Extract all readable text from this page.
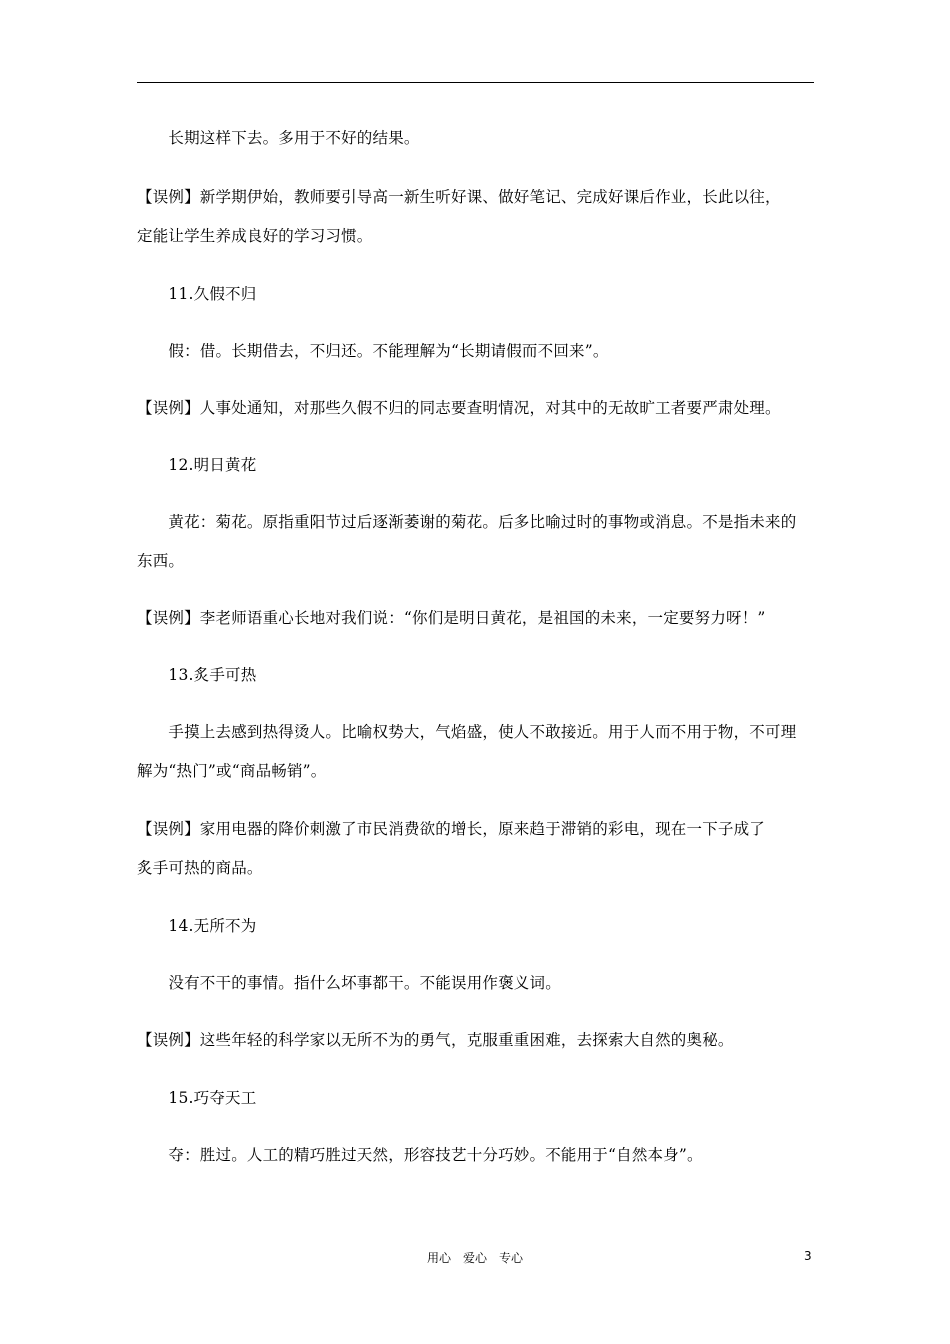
　　长期这样下去。多用于不好的结果。
【误例】新学期伊始，教师要引导高一新生听好课、做好笔记、完成好课后作业，长此以往，
定能让学生养成良好的学习习惯。
　　11.久假不归
　　假：借。长期借去，不归还。不能理解为“长期请假而不回来”。
【误例】人事处通知，对那些久假不归的同志要查明情况，对其中的无故旷工者要严肃处理。
　　12.明日黄花
　　黄花：菊花。原指重阳节过后逐渐萎谢的菊花。后多比喻过时的事物或消息。不是指未来的
东西。
【误例】李老师语重心长地对我们说：“你们是明日黄花，是祖国的未来，一定要努力呀！”
　　13.炙手可热
　　手摸上去感到热得烫人。比喻权势大，气焰盛，使人不敢接近。用于人而不用于物，不可理
解为“热门”或“商品畅销”。
【误例】家用电器的降价刺激了市民消费欲的增长，原来趋于滞销的彩电，现在一下子成了
炙手可热的商品。
　　14.无所不为
　　没有不干的事情。指什么坏事都干。不能误用作褒义词。
【误例】这些年轻的科学家以无所不为的勇气，克服重重困难，去探索大自然的奥秘。
　　15.巧夺天工
　　夺：胜过。人工的精巧胜过天然，形容技艺十分巧妙。不能用于“自然本身”。
用心　爱心　专心	3
